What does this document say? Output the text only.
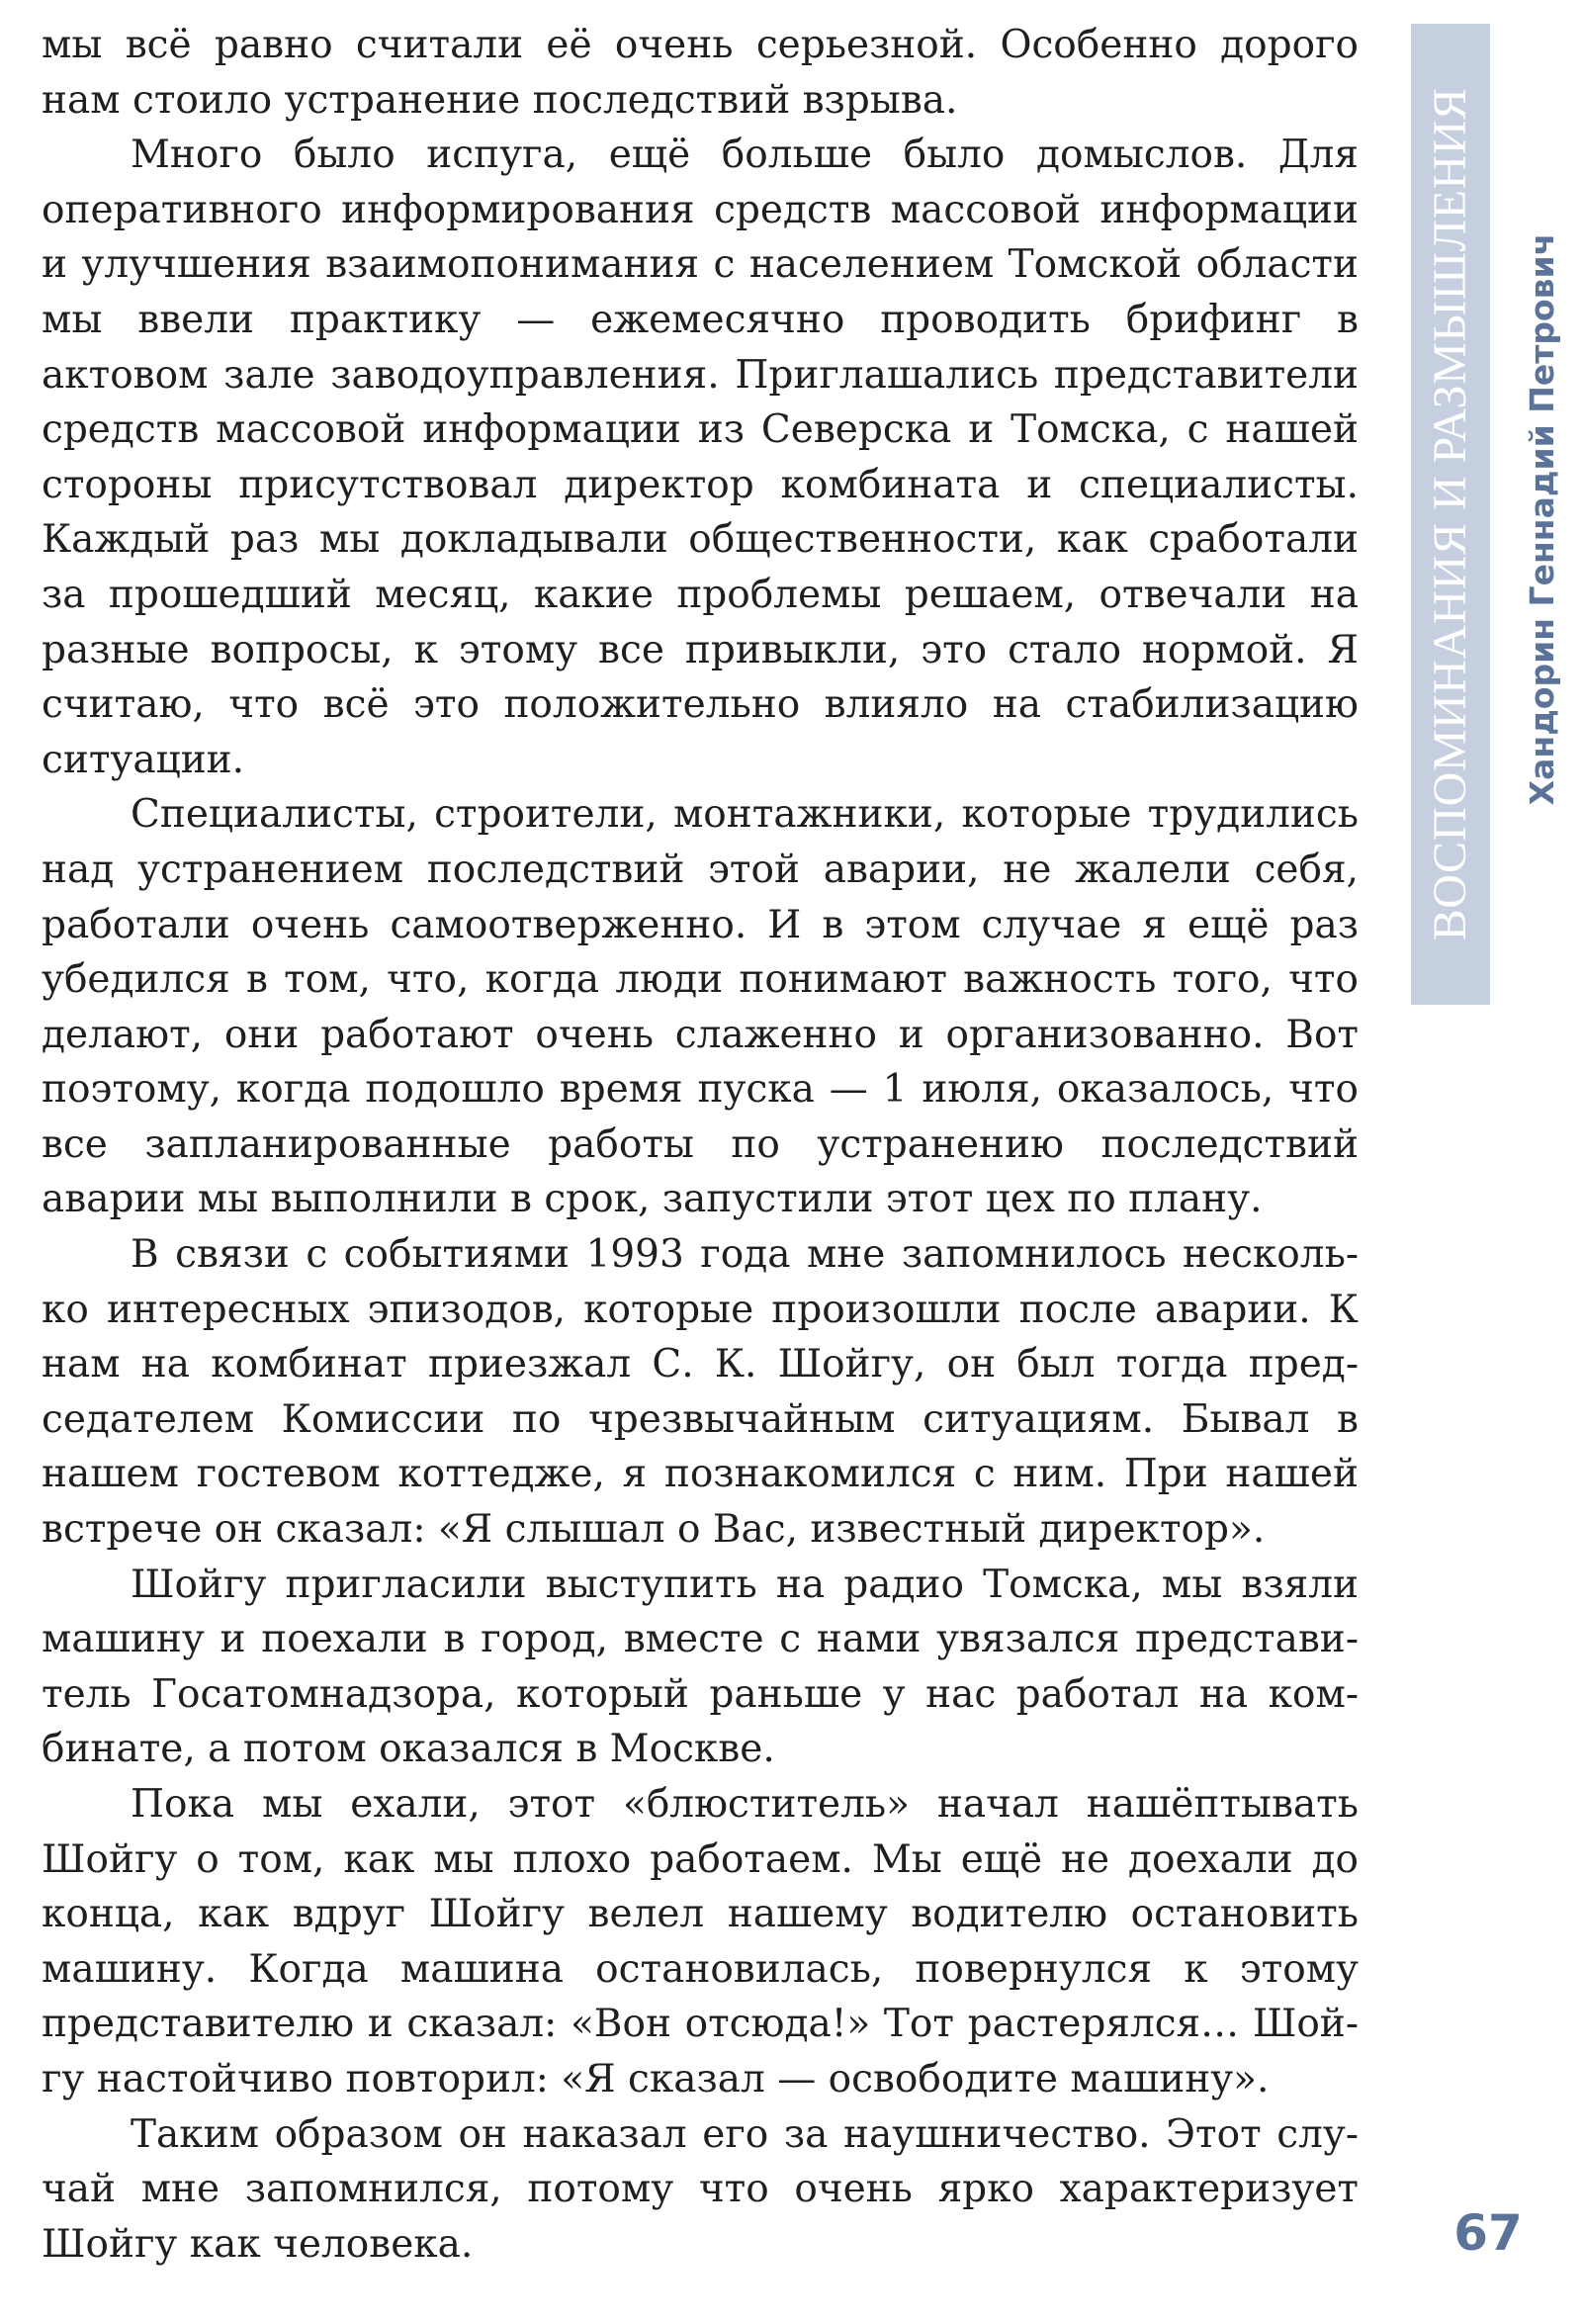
мы всё равно считали её очень серьезной. Особенно дорого нам стоило устранение последствий взрыва.

Много было испуга, ещё больше было домыслов. Для оперативного информирования средств массовой информации и улучшения взаимопонимания с населением Томской области мы ввели практику — ежемесячно проводить брифинг в актовом зале заводоуправления. Приглашались представители средств массовой информации из Северска и Томска, с нашей стороны присутствовал директор комбината и специалисты. Каждый раз мы докладывали общественности, как сработали за прошедший месяц, какие проблемы решаем, отвечали на разные вопросы, к этому все привыкли, это стало нормой. Я считаю, что всё это положительно влияло на стабилизацию ситуации.

Специалисты, строители, монтажники, которые трудились над устранением последствий этой аварии, не жалели себя, работали очень самоотверженно. И в этом случае я ещё раз убедился в том, что, когда люди понимают важность того, что делают, они работают очень слаженно и организованно. Вот поэтому, когда подошло время пуска — 1 июля, оказалось, что все запланированные работы по устранению последствий аварии мы выполнили в срок, запустили этот цех по плану.

В связи с событиями 1993 года мне запомнилось несколько интересных эпизодов, которые произошли после аварии. К нам на комбинат приезжал С. К. Шойгу, он был тогда председателем Комиссии по чрезвычайным ситуациям. Бывал в нашем гостевом коттедже, я познакомился с ним. При нашей встрече он сказал: «Я слышал о Вас, известный директор».

Шойгу пригласили выступить на радио Томска, мы взяли машину и поехали в город, вместе с нами увязался представитель Госатомнадзора, который раньше у нас работал на комбинате, а потом оказался в Москве.

Пока мы ехали, этот «блюститель» начал нашёптывать Шойгу о том, как мы плохо работаем. Мы ещё не доехали до конца, как вдруг Шойгу велел нашему водителю остановить машину. Когда машина остановилась, повернулся к этому представителю и сказал: «Вон отсюда!» Тот растерялся… Шойгу настойчиво повторил: «Я сказал — освободите машину».

Таким образом он наказал его за наушничество. Этот случай мне запомнился, потому что очень ярко характеризует Шойгу как человека.

ВОСПОМИНАНИЯ И РАЗМЫШЛЕНИЯ	Хандорин Геннадий Петрович
67
